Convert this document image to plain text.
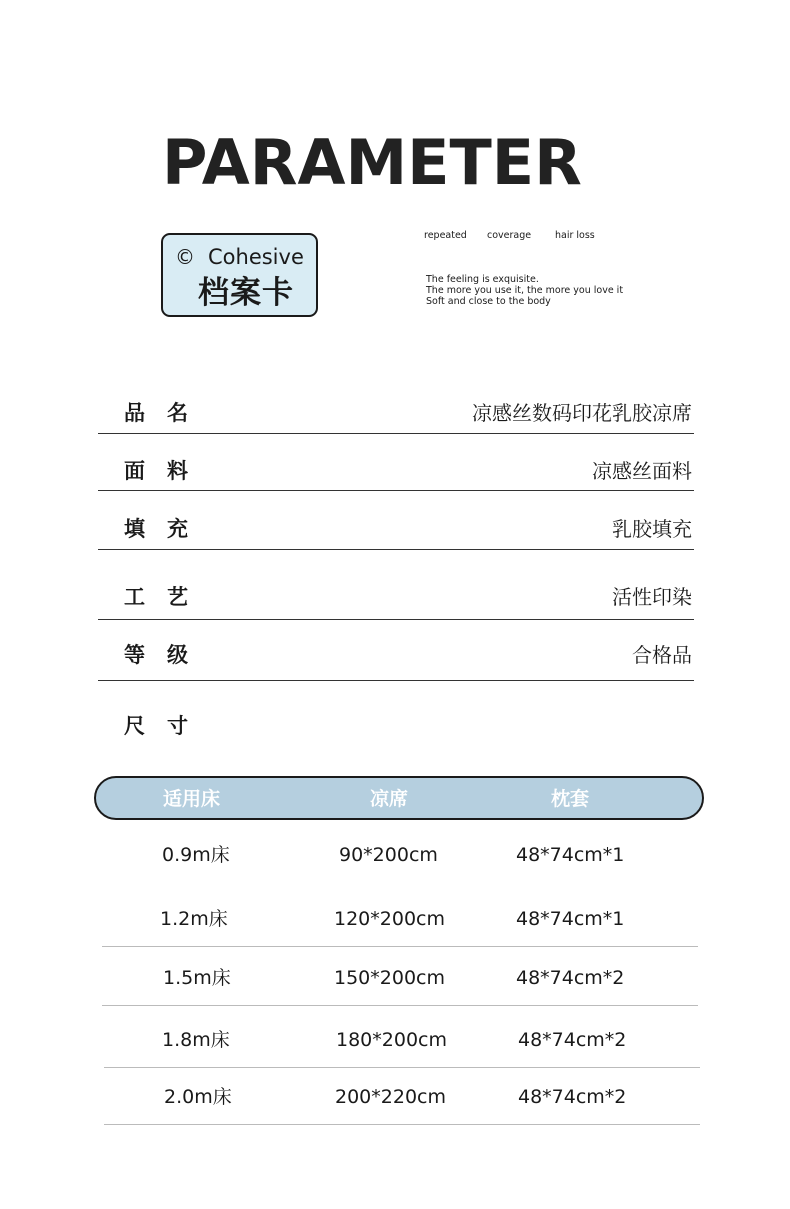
PARAMETER
© Cohesive
档案卡
repeated coverage	hair loss
The feeling is exquisite.
The more you use it, the more you love it
Soft and close to the body
品名	凉感丝数码印花乳胶凉席
面料	凉感丝面料
填充	乳胶填充
工艺	活性印染
等级	合格品
尺寸
适用床	凉席	枕套
0.9m床	90*200cm	48*74cm*1
1.2m床	120*200cm	48*74cm*1
1.5m床	150*200cm	48*74cm*2
1.8m床	180*200cm	48*74cm*2
2.0m床	200*220cm	48*74cm*2
